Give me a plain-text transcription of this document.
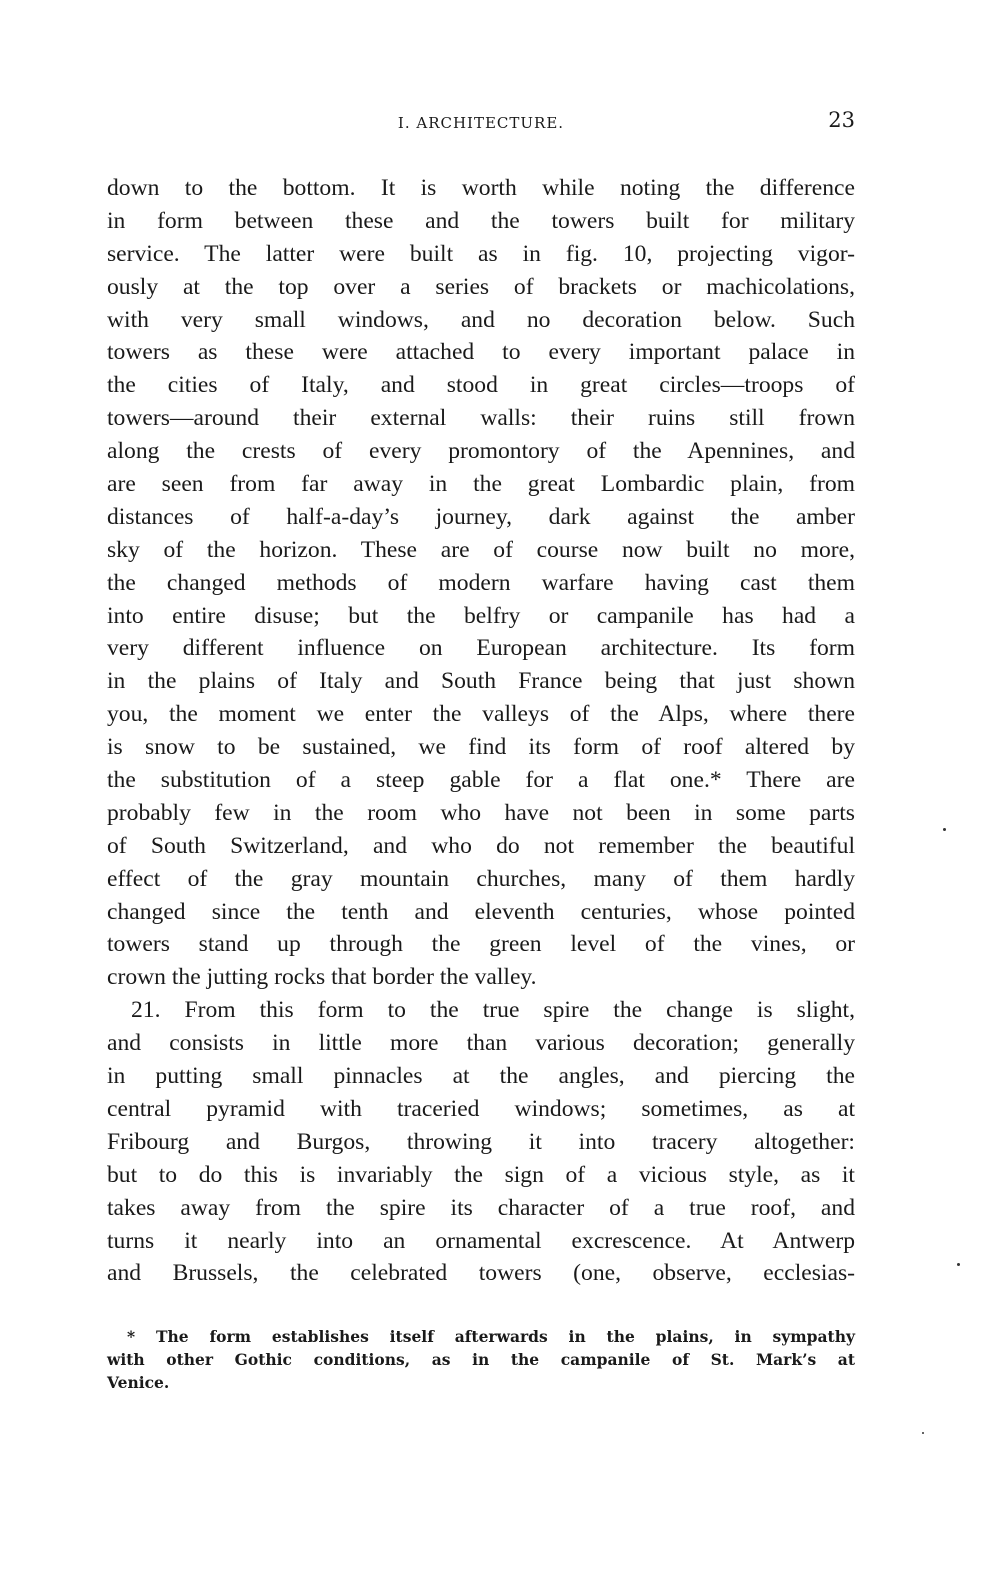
I. ARCHITECTURE.	23
down to the bottom. It is worth while noting the difference
in form between these and the towers built for military
service. The latter were built as in fig. 10, projecting vigor-
ously at the top over a series of brackets or machicolations,
with very small windows, and no decoration below. Such
towers as these were attached to every important palace in
the cities of Italy, and stood in great circles—troops of
towers—around their external walls: their ruins still frown
along the crests of every promontory of the Apennines, and
are seen from far away in the great Lombardic plain, from
distances of half-a-day’s journey, dark against the amber
sky of the horizon. These are of course now built no more,
the changed methods of modern warfare having cast them
into entire disuse; but the belfry or campanile has had a
very different influence on European architecture. Its form
in the plains of Italy and South France being that just shown
you, the moment we enter the valleys of the Alps, where there
is snow to be sustained, we find its form of roof altered by
the substitution of a steep gable for a flat one.* There are
probably few in the room who have not been in some parts
of South Switzerland, and who do not remember the beautiful
effect of the gray mountain churches, many of them hardly
changed since the tenth and eleventh centuries, whose pointed
towers stand up through the green level of the vines, or
crown the jutting rocks that border the valley.
21. From this form to the true spire the change is slight,
and consists in little more than various decoration; generally
in putting small pinnacles at the angles, and piercing the
central pyramid with traceried windows; sometimes, as at
Fribourg and Burgos, throwing it into tracery altogether:
but to do this is invariably the sign of a vicious style, as it
takes away from the spire its character of a true roof, and
turns it nearly into an ornamental excrescence. At Antwerp
and Brussels, the celebrated towers (one, observe, ecclesias-
* The form establishes itself afterwards in the plains, in sympathy
with other Gothic conditions, as in the campanile of St. Mark’s at
Venice.
